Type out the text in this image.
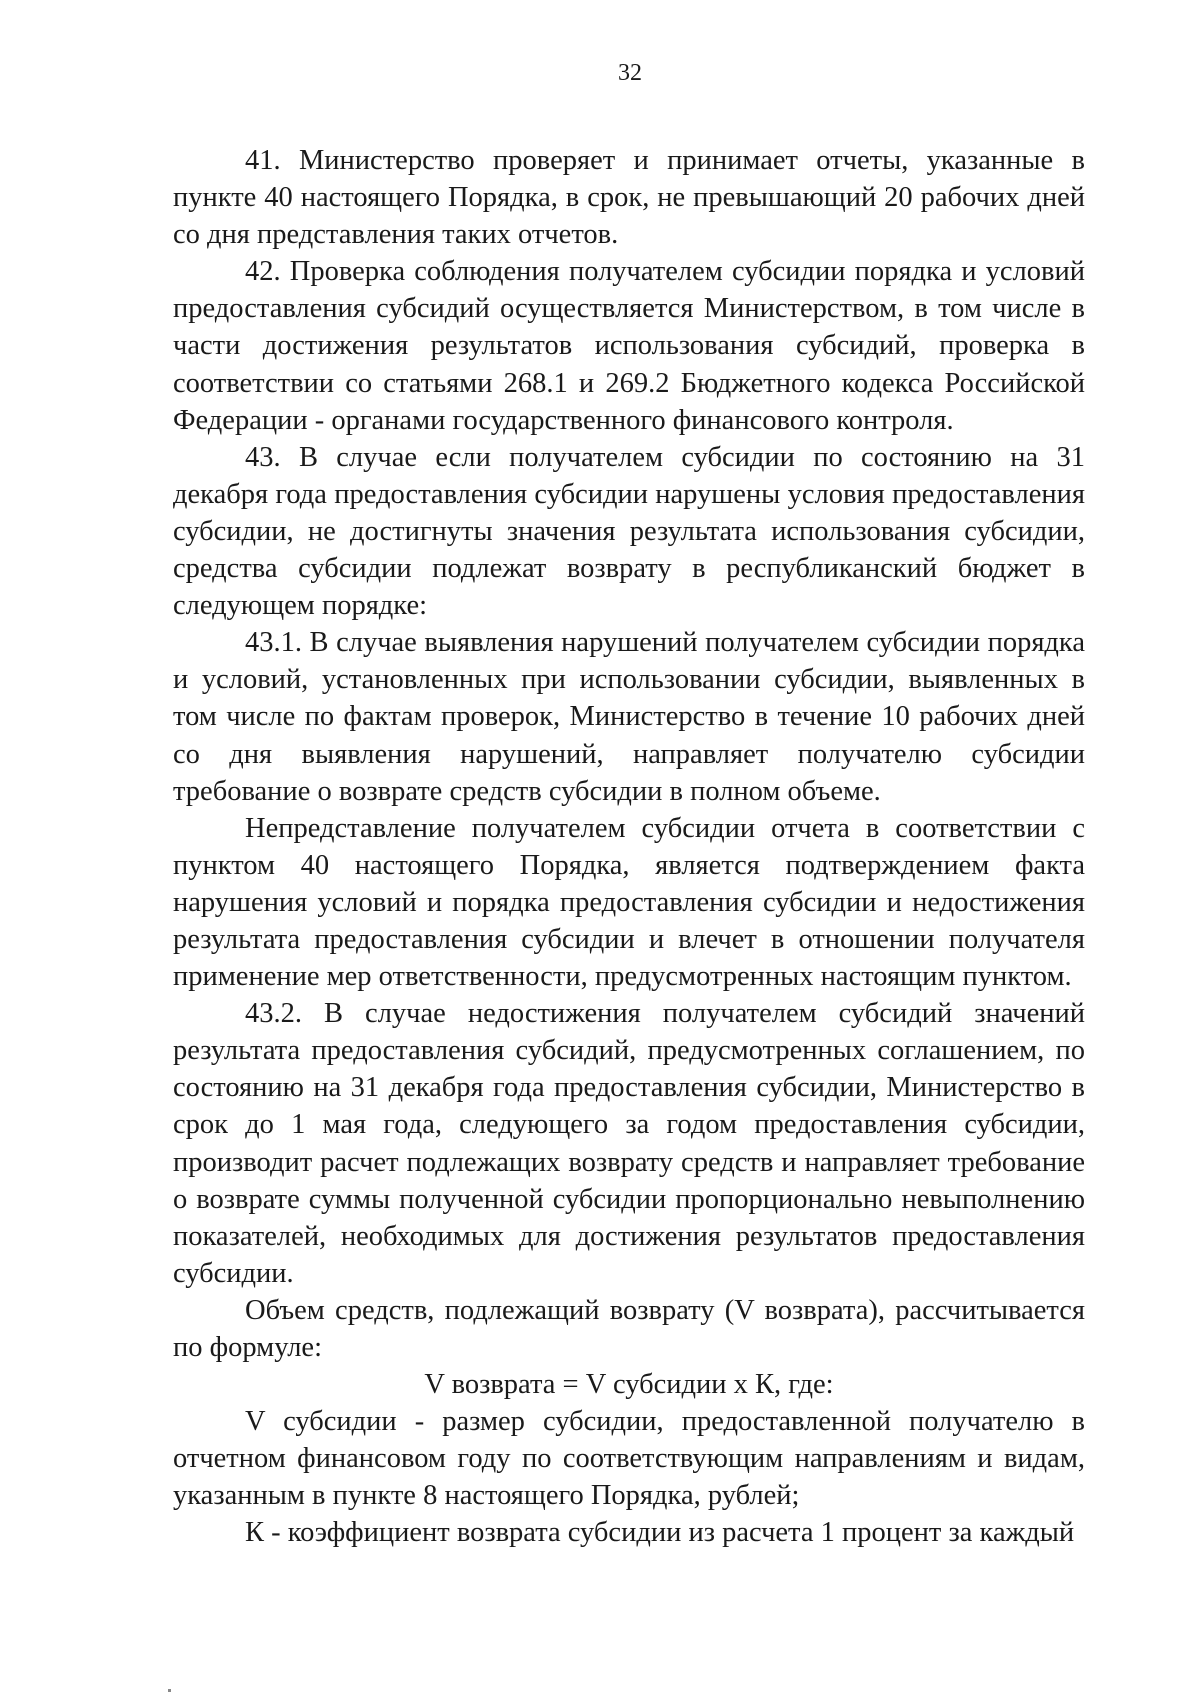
32

41. Министерство проверяет и принимает отчеты, указанные в пункте 40 настоящего Порядка, в срок, не превышающий 20 рабочих дней со дня представления таких отчетов.

42. Проверка соблюдения получателем субсидии порядка и условий предоставления субсидий осуществляется Министерством, в том числе в части достижения результатов использования субсидий, проверка в соответствии со статьями 268.1 и 269.2 Бюджетного кодекса Российской Федерации - органами государственного финансового контроля.

43. В случае если получателем субсидии по состоянию на 31 декабря года предоставления субсидии нарушены условия предоставления субсидии, не достигнуты значения результата использования субсидии, средства субсидии подлежат возврату в республиканский бюджет в следующем порядке:

43.1. В случае выявления нарушений получателем субсидии порядка и условий, установленных при использовании субсидии, выявленных в том числе по фактам проверок, Министерство в течение 10 рабочих дней со дня выявления нарушений, направляет получателю субсидии требование о возврате средств субсидии в полном объеме.

Непредставление получателем субсидии отчета в соответствии с пунктом 40 настоящего Порядка, является подтверждением факта нарушения условий и порядка предоставления субсидии и недостижения результата предоставления субсидии и влечет в отношении получателя применение мер ответственности, предусмотренных настоящим пунктом.

43.2. В случае недостижения получателем субсидий значений результата предоставления субсидий, предусмотренных соглашением, по состоянию на 31 декабря года предоставления субсидии, Министерство в срок до 1 мая года, следующего за годом предоставления субсидии, производит расчет подлежащих возврату средств и направляет требование о возврате суммы полученной субсидии пропорционально невыполнению показателей, необходимых для достижения результатов предоставления субсидии.

Объем средств, подлежащий возврату (V возврата), рассчитывается по формуле:

V возврата = V субсидии х К, где:

V субсидии - размер субсидии, предоставленной получателю в отчетном финансовом году по соответствующим направлениям и видам, указанным в пункте 8 настоящего Порядка, рублей;

К - коэффициент возврата субсидии из расчета 1 процент за каждый
